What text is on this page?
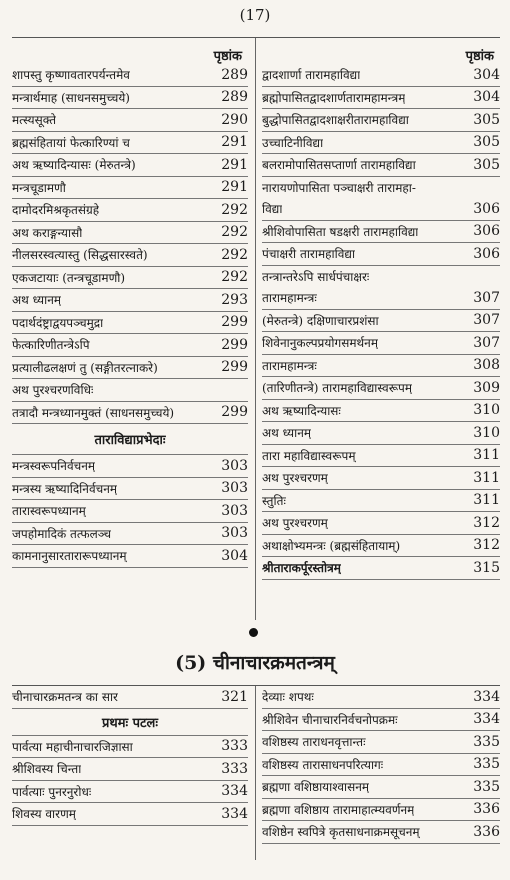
(17)
पृष्ठांक
शापस्तु कृष्णावतारपर्यन्तमेव	289
मन्त्रार्थमाह (साधनसमुच्चये)	289
मत्स्यसूक्ते	290
ब्रह्मसंहितायां फेत्कारिण्यां च	291
अथ ऋष्यादिन्यासः (मेरुतन्त्रे)	291
मन्त्रचूडामणौ	291
दामोदरमिश्रकृतसंग्रहे	292
अथ कराङ्गन्यासौ	292
नीलसरस्वत्यास्तु (सिद्धसारस्वते)	292
एकजटायाः (तन्त्रचूडामणौ)	292
अथ ध्यानम्	293
पदार्थदंष्ट्राद्वयपञ्चमुद्रा	299
फेत्कारिणीतन्त्रेऽपि	299
प्रत्यालीढलक्षणं तु (सङ्गीतरत्नाकरे)	299
अथ पुरश्चरणविधिः
तत्रादौ मन्त्रध्यानमुक्तं (साधनसमुच्चये)	299
ताराविद्याप्रभेदाः
मन्त्रस्वरूपनिर्वचनम्	303
मन्त्रस्य ऋष्यादिनिर्वचनम्	303
तारास्वरूपध्यानम्	303
जपहोमादिकं तत्फलञ्च	303
कामनानुसारतारारूपध्यानम्	304
पृष्ठांक
द्वादशार्णा तारामहाविद्या	304
ब्रह्मोपासितद्वादशार्णतारामहामन्त्रम्	304
बुद्धोपासितद्वादशाक्षरीतारामहाविद्या	305
उच्चाटिनीविद्या	305
बलरामोपासितसप्तार्णा तारामहाविद्या	305
नारायणोपासिता पञ्चाक्षरी तारामहा-
विद्या	306
श्रीशिवोपासिता षडक्षरी तारामहाविद्या	306
पंचाक्षरी तारामहाविद्या	306
तन्त्रान्तरेऽपि सार्धपंचाक्षरः
तारामहामन्त्रः	307
(मेरुतन्त्रे) दक्षिणाचारप्रशंसा	307
शिवेनानुकल्पप्रयोगसमर्थनम्	307
तारामहामन्त्रः	308
(तारिणीतन्त्रे) तारामहाविद्यास्वरूपम्	309
अथ ऋष्यादिन्यासः	310
अथ ध्यानम्	310
तारा महाविद्यास्वरूपम्	311
अथ पुरश्चरणम्	311
स्तुतिः	311
अथ पुरश्चरणम्	312
अथाक्षोभ्यमन्त्रः (ब्रह्मसंहितायाम्)	312
श्रीताराकर्पूरस्तोत्रम्	315
(5) चीनाचारक्रमतन्त्रम्
चीनाचारक्रमतन्त्र का सार	321
प्रथमः पटलः
पार्वत्या महाचीनाचारजिज्ञासा	333
श्रीशिवस्य चिन्ता	333
पार्वत्याः पुनरनुरोधः	334
शिवस्य वारणम्	334
देव्याः शपथः	334
श्रीशिवेन चीनाचारनिर्वचनोपक्रमः	334
वशिष्ठस्य ताराधनवृत्तान्तः	335
वशिष्ठस्य तारासाधनपरित्यागः	335
ब्रह्मणा वशिष्ठायाश्वासनम्	335
ब्रह्मणा वशिष्ठाय तारामाहात्म्यवर्णनम्	336
वशिष्ठेन स्वपित्रे कृतसाधनाक्रमसूचनम्	336
